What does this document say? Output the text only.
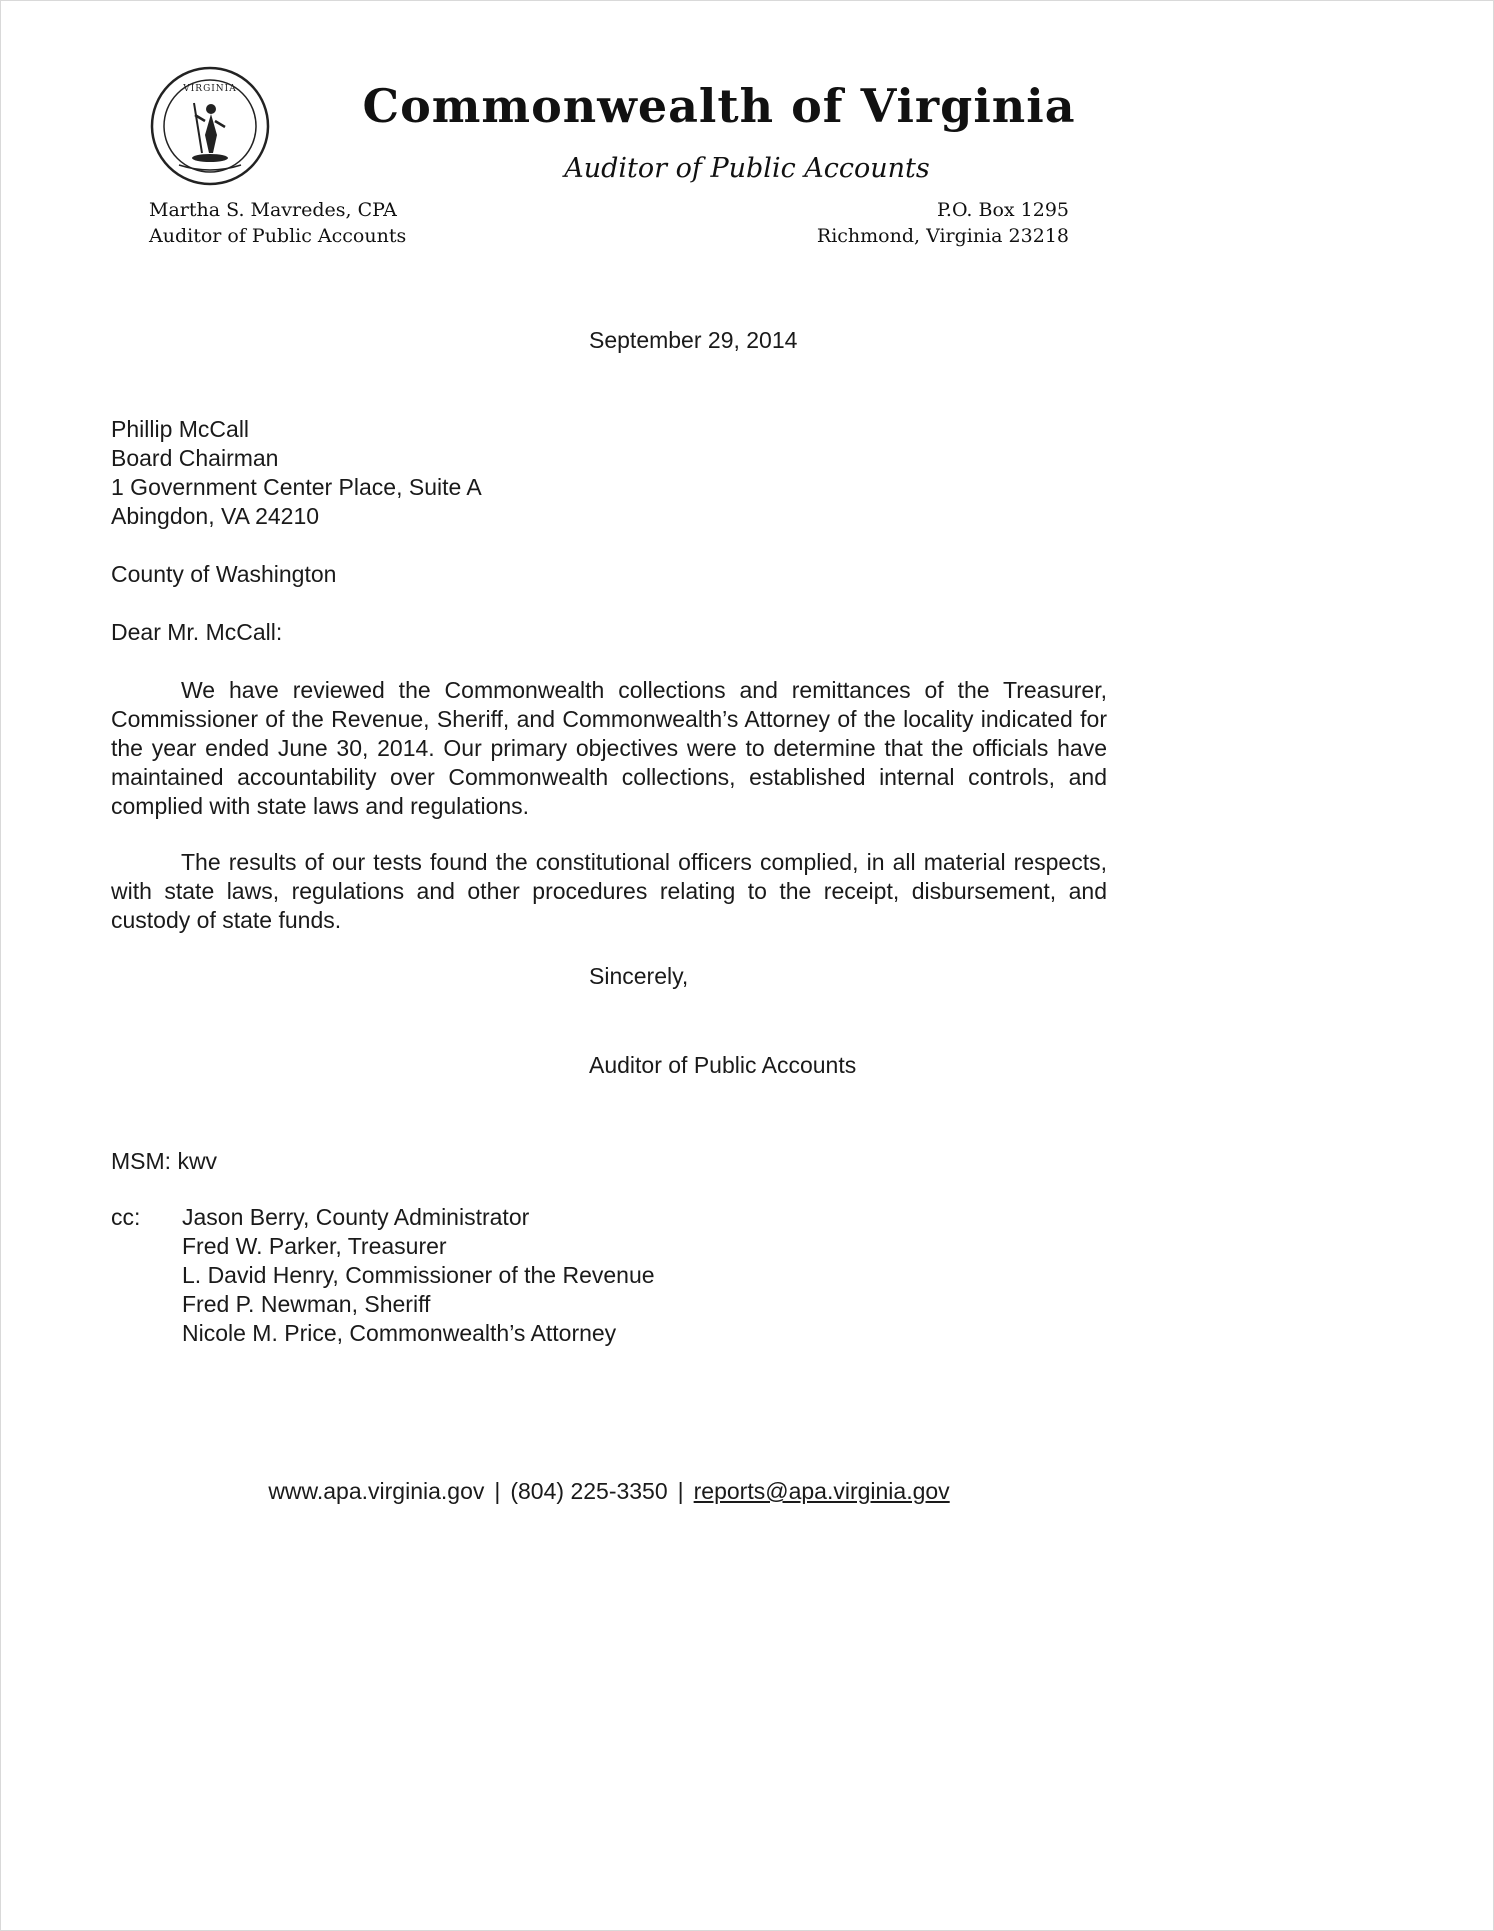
VIRGINIA	Commonwealth of Virginia
Auditor of Public Accounts
Martha S. Mavredes, CPA
Auditor of Public Accounts
P.O. Box 1295
Richmond, Virginia 23218
September 29, 2014
Phillip McCall
Board Chairman
1 Government Center Place, Suite A
Abingdon, VA 24210
County of Washington
Dear Mr. McCall:

We have reviewed the Commonwealth collections and remittances of the Treasurer, Commissioner of the Revenue, Sheriff, and Commonwealth’s Attorney of the locality indicated for the year ended June 30, 2014. Our primary objectives were to determine that the officials have maintained accountability over Commonwealth collections, established internal controls, and complied with state laws and regulations.

The results of our tests found the constitutional officers complied, in all material respects, with state laws, regulations and other procedures relating to the receipt, disbursement, and custody of state funds.

Sincerely,
Auditor of Public Accounts
MSM: kwv
cc:	Jason Berry, County Administrator
Fred W. Parker, Treasurer
L. David Henry, Commissioner of the Revenue
Fred P. Newman, Sheriff
Nicole M. Price, Commonwealth’s Attorney
www.apa.virginia.gov | (804) 225-3350 | reports@apa.virginia.gov
